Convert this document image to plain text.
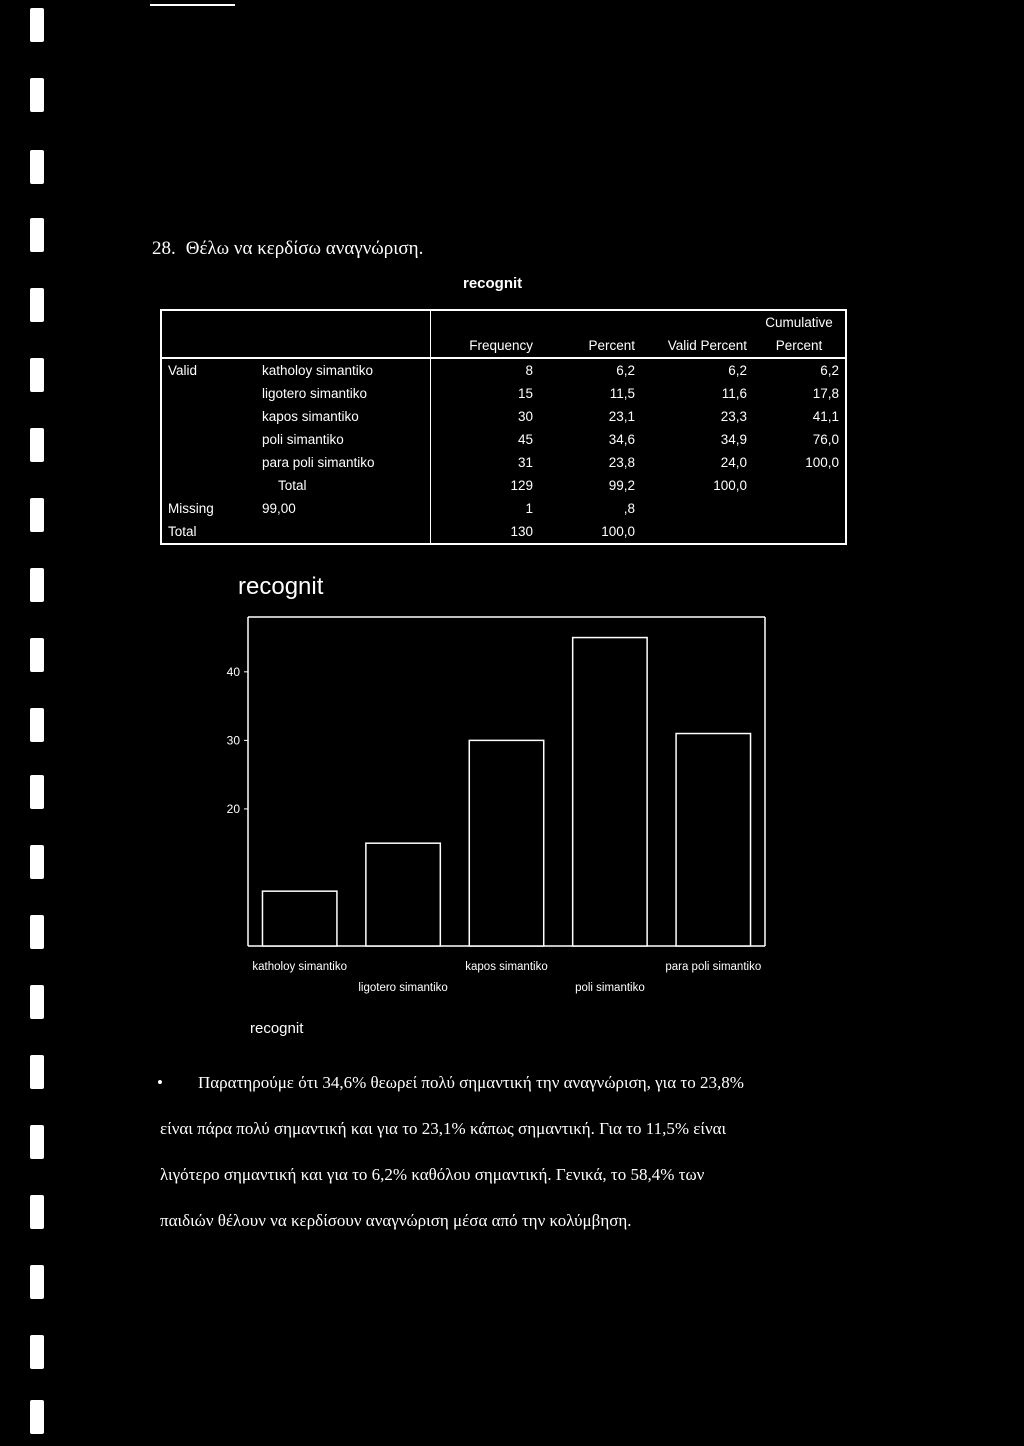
28. Θέλω να κερδίσω αναγνώριση.
recognit
		Frequency	Percent	Valid Percent	Cumulative
Percent
Valid	katholoy simantiko	8	6,2	6,2	6,2
	ligotero simantiko	15	11,5	11,6	17,8
	kapos simantiko	30	23,1	23,3	41,1
	poli simantiko	45	34,6	34,9	76,0
	para poli simantiko	31	23,8	24,0	100,0
	Total	129	99,2	100,0	
Missing	99,00	1	,8		
Total		130	100,0		
recognit
40
30
20
katholoy simantiko
ligotero simantiko
kapos simantiko
poli simantiko
para poli simantiko
recognit
•	Παρατηρούμε ότι 34,6% θεωρεί πολύ σημαντική την αναγνώριση, για το 23,8%

είναι πάρα πολύ σημαντική και για το 23,1% κάπως σημαντική. Για το 11,5% είναι
λιγότερο σημαντική και για το 6,2% καθόλου σημαντική. Γενικά, το 58,4% των
παιδιών θέλουν να κερδίσουν αναγνώριση μέσα από την κολύμβηση.
